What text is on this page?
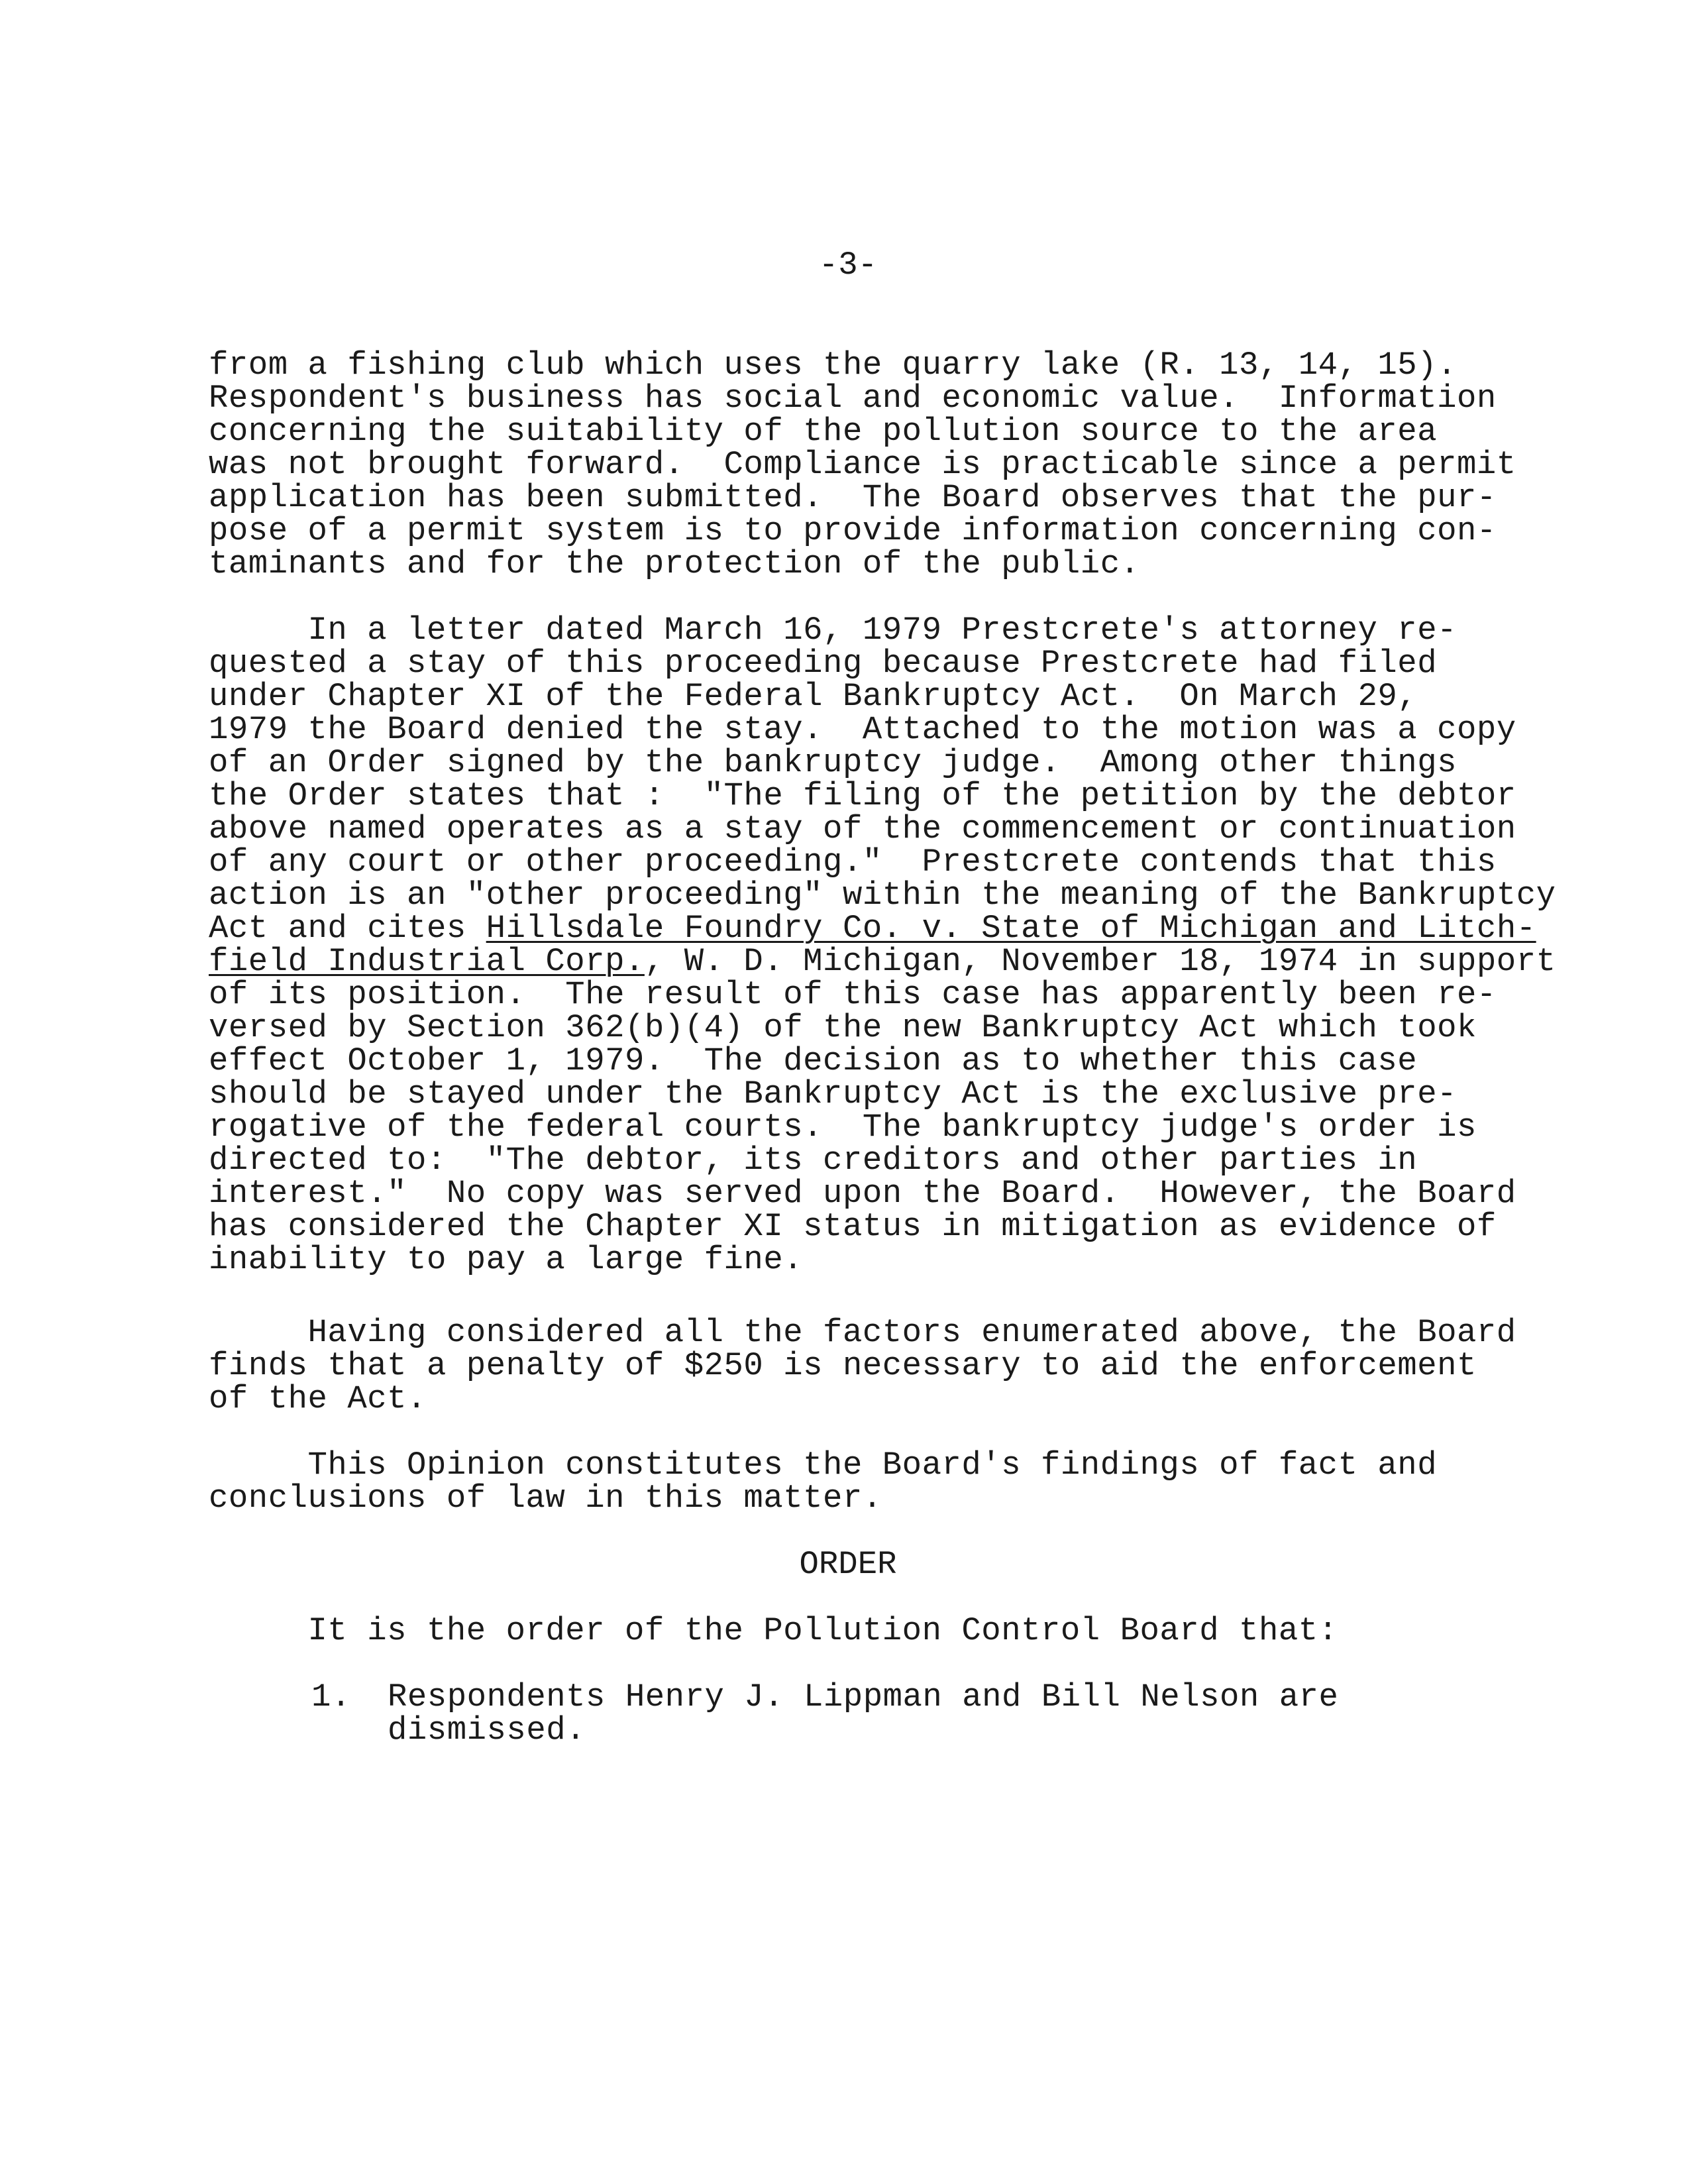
-3-
from a fishing club which uses the quarry lake (R. 13, 14, 15).
Respondent's business has social and economic value.  Information
concerning the suitability of the pollution source to the area
was not brought forward.  Compliance is practicable since a permit
application has been submitted.  The Board observes that the pur-
pose of a permit system is to provide information concerning con-
taminants and for the protection of the public.
In a letter dated March 16, 1979 Prestcrete's attorney re-
quested a stay of this proceeding because Prestcrete had filed
under Chapter XI of the Federal Bankruptcy Act.  On March 29,
1979 the Board denied the stay.  Attached to the motion was a copy
of an Order signed by the bankruptcy judge.  Among other things
the Order states that :  "The filing of the petition by the debtor
above named operates as a stay of the commencement or continuation
of any court or other proceeding."  Prestcrete contends that this
action is an "other proceeding" within the meaning of the Bankruptcy
Act and cites Hillsdale Foundry Co. v. State of Michigan and Litch-
field Industrial Corp., W. D. Michigan, November 18, 1974 in support
of its position.  The result of this case has apparently been re-
versed by Section 362(b)(4) of the new Bankruptcy Act which took
effect October 1, 1979.  The decision as to whether this case
should be stayed under the Bankruptcy Act is the exclusive pre-
rogative of the federal courts.  The bankruptcy judge's order is
directed to:  "The debtor, its creditors and other parties in
interest."  No copy was served upon the Board.  However, the Board
has considered the Chapter XI status in mitigation as evidence of
inability to pay a large fine.
Having considered all the factors enumerated above, the Board
finds that a penalty of $250 is necessary to aid the enforcement
of the Act.
This Opinion constitutes the Board's findings of fact and
conclusions of law in this matter.
ORDER
It is the order of the Pollution Control Board that:
1. Respondents Henry J. Lippman and Bill Nelson are
dismissed.
